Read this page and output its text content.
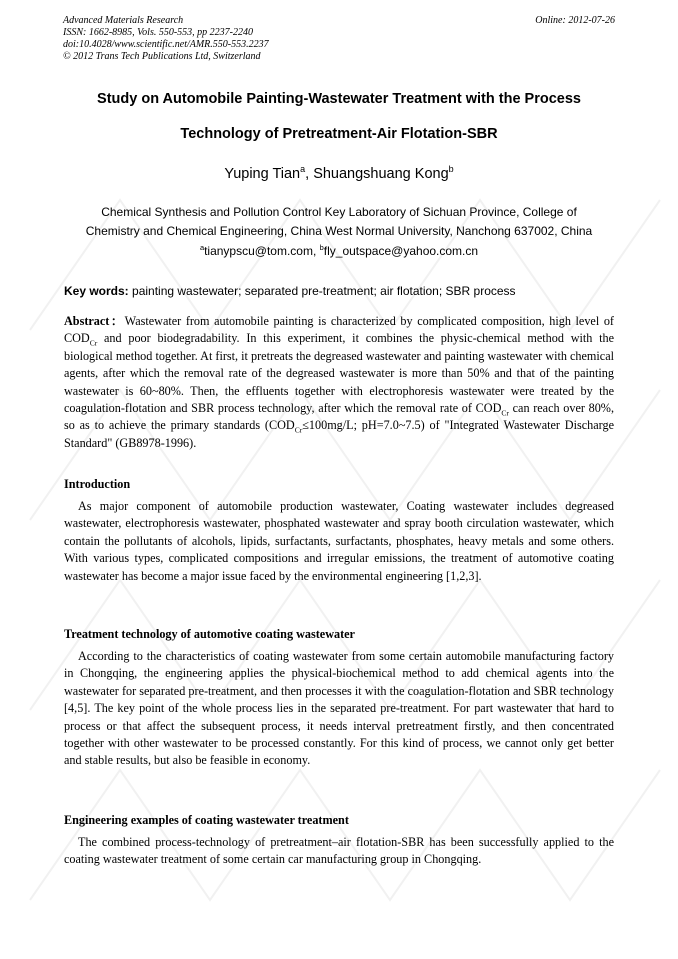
Advanced Materials Research
ISSN: 1662-8985, Vols. 550-553, pp 2237-2240
doi:10.4028/www.scientific.net/AMR.550-553.2237
© 2012 Trans Tech Publications Ltd, Switzerland
Online: 2012-07-26
Study on Automobile Painting-Wastewater Treatment with the Process
Technology of Pretreatment-Air Flotation-SBR
Yuping Tian$^a$, Shuangshuang Kong$^b$
Chemical Synthesis and Pollution Control Key Laboratory of Sichuan Province, College of
Chemistry and Chemical Engineering, China West Normal University, Nanchong 637002, China
$^a$tianypscu@tom.com, $^b$fly_outspace@yahoo.com.cn
Key words: painting wastewater; separated pre-treatment; air flotation; SBR process
Abstract：Wastewater from automobile painting is characterized by complicated composition, high level of $COD_{Cr}$ and poor biodegradability. In this experiment, it combines the physic-chemical method with the biological method together. At first, it pretreats the degreased wastewater and painting wastewater with chemical agents, after which the removal rate of the degreased wastewater is more than 50% and that of the painting wastewater is 60~80%. Then, the effluents together with electrophoresis wastewater were treated by the coagulation-flotation and SBR process technology, after which the removal rate of $COD_{Cr}$ can reach over 80%, so as to achieve the primary standards ($COD_{Cr}\le 100mg/L$; pH=7.0~7.5) of "Integrated Wastewater Discharge Standard" (GB8978-1996).
Introduction
As major component of automobile production wastewater, Coating wastewater includes degreased wastewater, electrophoresis wastewater, phosphated wastewater and spray booth circulation wastewater, which contain the pollutants of alcohols, lipids, surfactants, surfactants, phosphates, heavy metals and some others. With various types, complicated compositions and irregular emissions, the treatment of automotive coating wastewater has become a major issue faced by the environmental engineering [1,2,3].
Treatment technology of automotive coating wastewater
According to the characteristics of coating wastewater from some certain automobile manufacturing factory in Chongqing, the engineering applies the physical-biochemical method to add chemical agents into the wastewater for separated pre-treatment, and then processes it with the coagulation-flotation and SBR technology [4,5]. The key point of the whole process lies in the separated pre-treatment. For part wastewater that hard to process or that affect the subsequent process, it needs interval pretreatment firstly, and then concentrated together with other wastewater to be processed constantly. For this kind of process, we cannot only get better and stable results, but also be feasible in economy.
Engineering examples of coating wastewater treatment
The combined process-technology of pretreatment–air flotation-SBR has been successfully applied to the coating wastewater treatment of some certain car manufacturing group in Chongqing.
